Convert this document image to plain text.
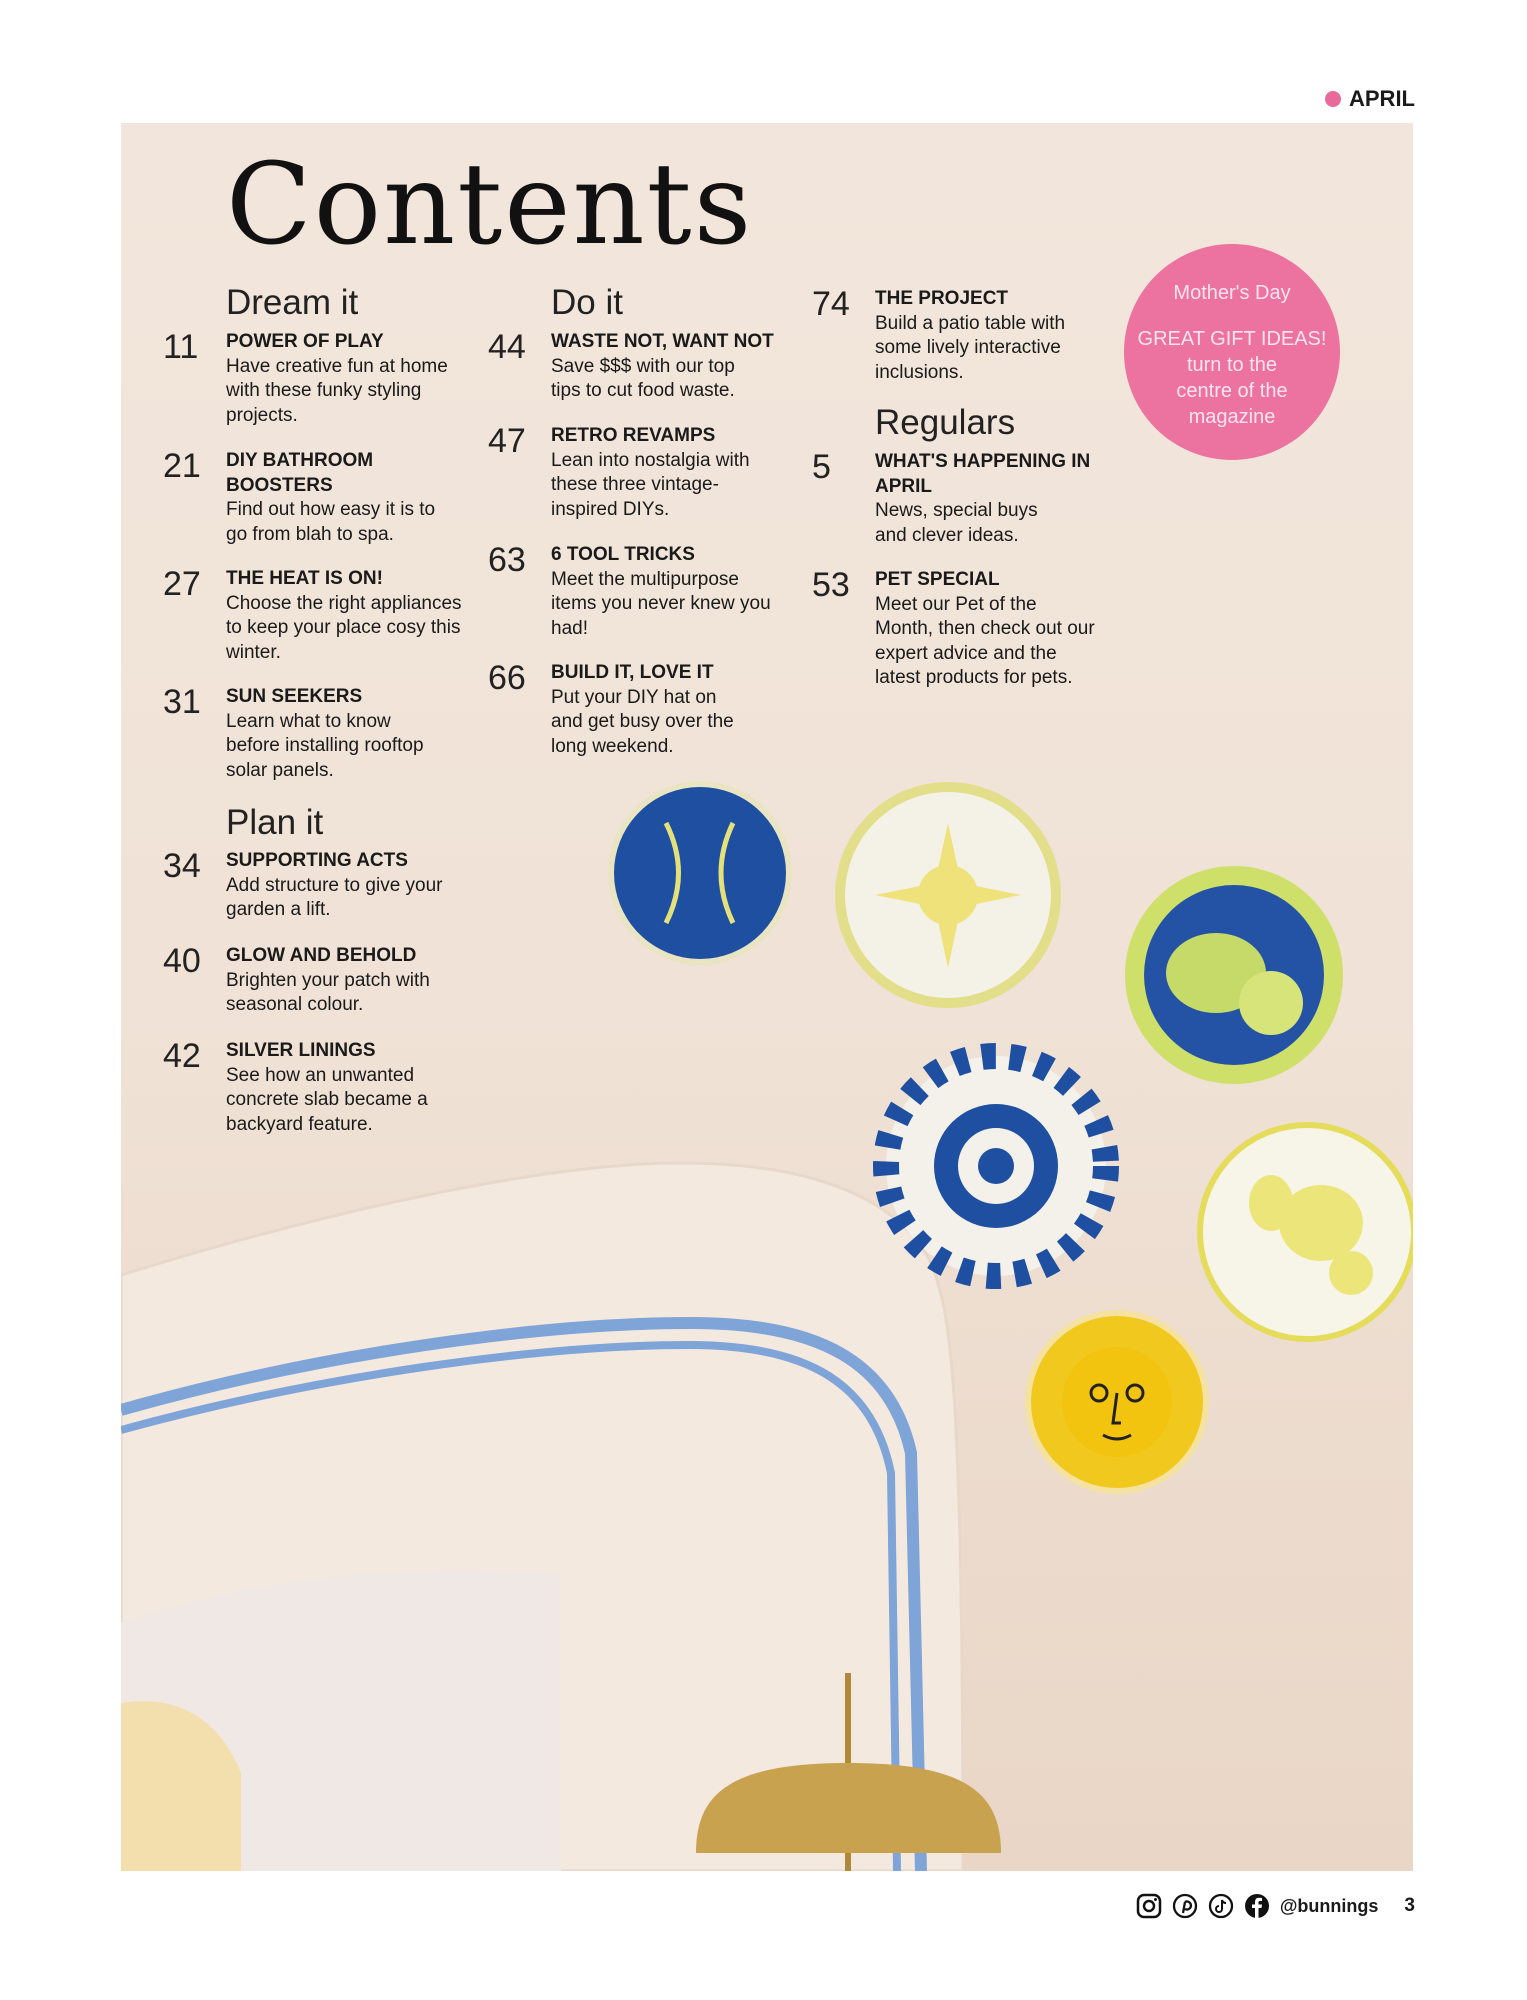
APRIL
Contents
Dream it
Plan it
Do it
Regulars
11 POWER OF PLAY
Have creative fun at home with these funky styling projects.
21 DIY BATHROOM BOOSTERS
Find out how easy it is to go from blah to spa.
27 THE HEAT IS ON!
Choose the right appliances to keep your place cosy this winter.
31 SUN SEEKERS
Learn what to know before installing rooftop solar panels.
34 SUPPORTING ACTS
Add structure to give your garden a lift.
40 GLOW AND BEHOLD
Brighten your patch with seasonal colour.
42 SILVER LININGS
See how an unwanted concrete slab became a backyard feature.
44 WASTE NOT, WANT NOT
Save $$$ with our top tips to cut food waste.
47 RETRO REVAMPS
Lean into nostalgia with these three vintage-inspired DIYs.
63 6 TOOL TRICKS
Meet the multipurpose items you never knew you had!
66 BUILD IT, LOVE IT
Put your DIY hat on and get busy over the long weekend.
74 THE PROJECT
Build a patio table with some lively interactive inclusions.
5 WHAT'S HAPPENING IN APRIL
News, special buys and clever ideas.
53 PET SPECIAL
Meet our Pet of the Month, then check out our expert advice and the latest products for pets.
Mother's Day
GREAT GIFT IDEAS!
turn to the centre of the magazine
@bunnings 3
